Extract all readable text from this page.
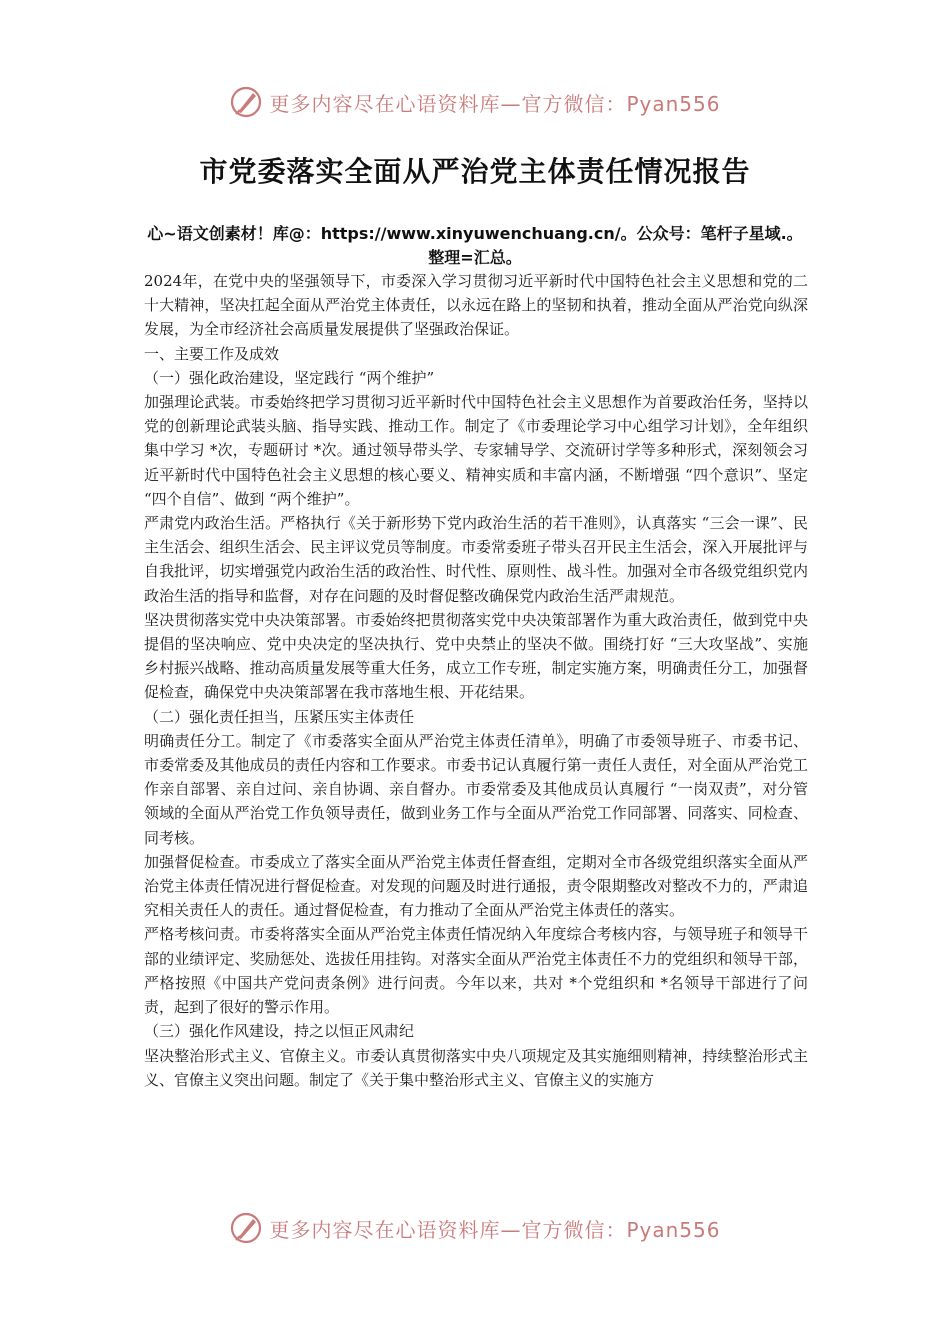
更多内容尽在心语资料库—官方微信：Pyan556
市党委落实全面从严治党主体责任情况报告
心~语文创素材！库@：https://www.xinyuwenchuang.cn/。公众号：笔杆子星域.。
整理=汇总。

2024年，在党中央的坚强领导下，市委深入学习贯彻习近平新时代中国特色社会主义思想和党的二十大精神，坚决扛起全面从严治党主体责任，以永远在路上的坚韧和执着，推动全面从严治党向纵深发展，为全市经济社会高质量发展提供了坚强政治保证。

一、主要工作及成效

（一）强化政治建设，坚定践行 “两个维护”

加强理论武装。市委始终把学习贯彻习近平新时代中国特色社会主义思想作为首要政治任务，坚持以党的创新理论武装头脑、指导实践、推动工作。制定了《市委理论学习中心组学习计划》，全年组织集中学习 *次，专题研讨 *次。通过领导带头学、专家辅导学、交流研讨学等多种形式，深刻领会习近平新时代中国特色社会主义思想的核心要义、精神实质和丰富内涵，不断增强 “四个意识”、坚定 “四个自信”、做到 “两个维护”。

严肃党内政治生活。严格执行《关于新形势下党内政治生活的若干准则》，认真落实 “三会一课”、民主生活会、组织生活会、民主评议党员等制度。市委常委班子带头召开民主生活会，深入开展批评与自我批评，切实增强党内政治生活的政治性、时代性、原则性、战斗性。加强对全市各级党组织党内政治生活的指导和监督，对存在问题的及时督促整改确保党内政治生活严肃规范。

坚决贯彻落实党中央决策部署。市委始终把贯彻落实党中央决策部署作为重大政治责任，做到党中央提倡的坚决响应、党中央决定的坚决执行、党中央禁止的坚决不做。围绕打好 “三大攻坚战”、实施乡村振兴战略、推动高质量发展等重大任务，成立工作专班，制定实施方案，明确责任分工，加强督促检查，确保党中央决策部署在我市落地生根、开花结果。

（二）强化责任担当，压紧压实主体责任

明确责任分工。制定了《市委落实全面从严治党主体责任清单》，明确了市委领导班子、市委书记、市委常委及其他成员的责任内容和工作要求。市委书记认真履行第一责任人责任，对全面从严治党工作亲自部署、亲自过问、亲自协调、亲自督办。市委常委及其他成员认真履行 “一岗双责”，对分管领域的全面从严治党工作负领导责任，做到业务工作与全面从严治党工作同部署、同落实、同检查、同考核。

加强督促检查。市委成立了落实全面从严治党主体责任督查组，定期对全市各级党组织落实全面从严治党主体责任情况进行督促检查。对发现的问题及时进行通报，责令限期整改对整改不力的，严肃追究相关责任人的责任。通过督促检查，有力推动了全面从严治党主体责任的落实。

严格考核问责。市委将落实全面从严治党主体责任情况纳入年度综合考核内容，与领导班子和领导干部的业绩评定、奖励惩处、选拔任用挂钩。对落实全面从严治党主体责任不力的党组织和领导干部，严格按照《中国共产党问责条例》进行问责。今年以来，共对 *个党组织和 *名领导干部进行了问责，起到了很好的警示作用。

（三）强化作风建设，持之以恒正风肃纪

坚决整治形式主义、官僚主义。市委认真贯彻落实中央八项规定及其实施细则精神，持续整治形式主义、官僚主义突出问题。制定了《关于集中整治形式主义、官僚主义的实施方

更多内容尽在心语资料库—官方微信：Pyan556
